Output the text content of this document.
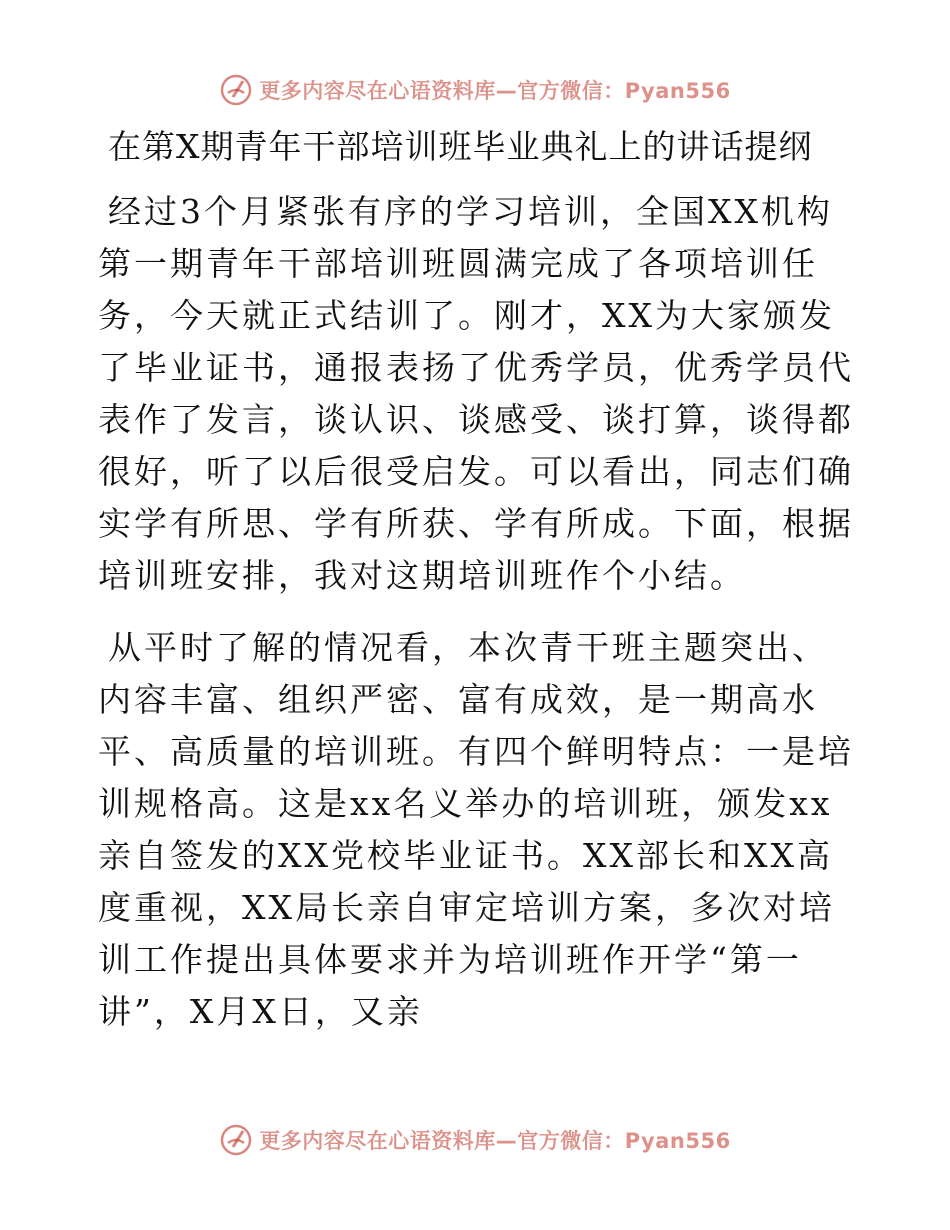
更多内容尽在心语资料库—官方微信：Pyan556
在第X期青年干部培训班毕业典礼上的讲话提纲

经过3个月紧张有序的学习培训，全国XX机构第一期青年干部培训班圆满完成了各项培训任务，今天就正式结训了。刚才，XX为大家颁发了毕业证书，通报表扬了优秀学员，优秀学员代表作了发言，谈认识、谈感受、谈打算，谈得都很好，听了以后很受启发。可以看出，同志们确实学有所思、学有所获、学有所成。下面，根据培训班安排，我对这期培训班作个小结。

从平时了解的情况看，本次青干班主题突出、内容丰富、组织严密、富有成效，是一期高水平、高质量的培训班。有四个鲜明特点：一是培训规格高。这是xx名义举办的培训班，颁发xx亲自签发的XX党校毕业证书。XX部长和XX高度重视，XX局长亲自审定培训方案，多次对培训工作提出具体要求并为培训班作开学“第一讲”，X月X日，又亲

更多内容尽在心语资料库—官方微信：Pyan556
